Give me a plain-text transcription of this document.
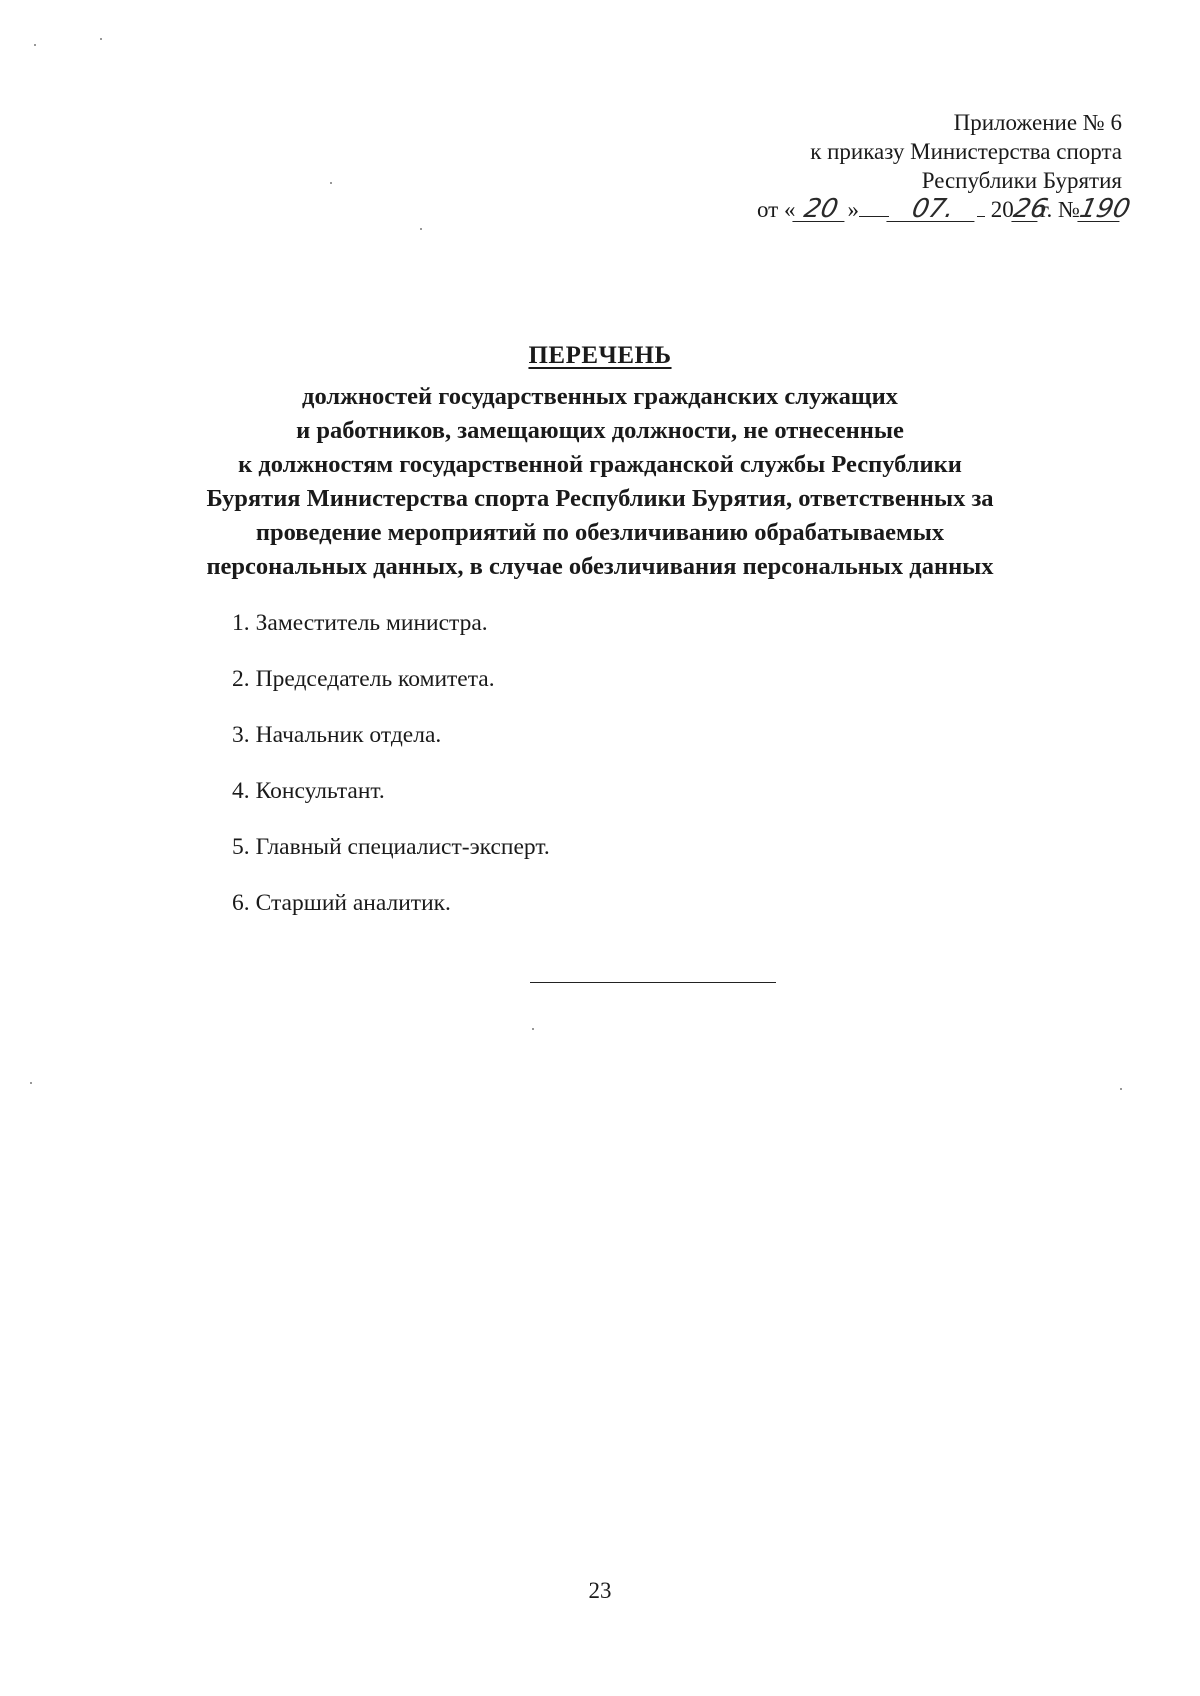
Приложение № 6
к приказу Министерства спорта
Республики Бурятия
от « 20 » 07. 2026г. №190
ПЕРЕЧЕНЬ

должностей государственных гражданских служащих
и работников, замещающих должности, не отнесенные
к должностям государственной гражданской службы Республики
Бурятия Министерства спорта Республики Бурятия, ответственных за
проведение мероприятий по обезличиванию обрабатываемых
персональных данных, в случае обезличивания персональных данных

1. Заместитель министра.
2. Председатель комитета.
3. Начальник отдела.
4. Консультант.
5. Главный специалист-эксперт.
6. Старший аналитик.
23
